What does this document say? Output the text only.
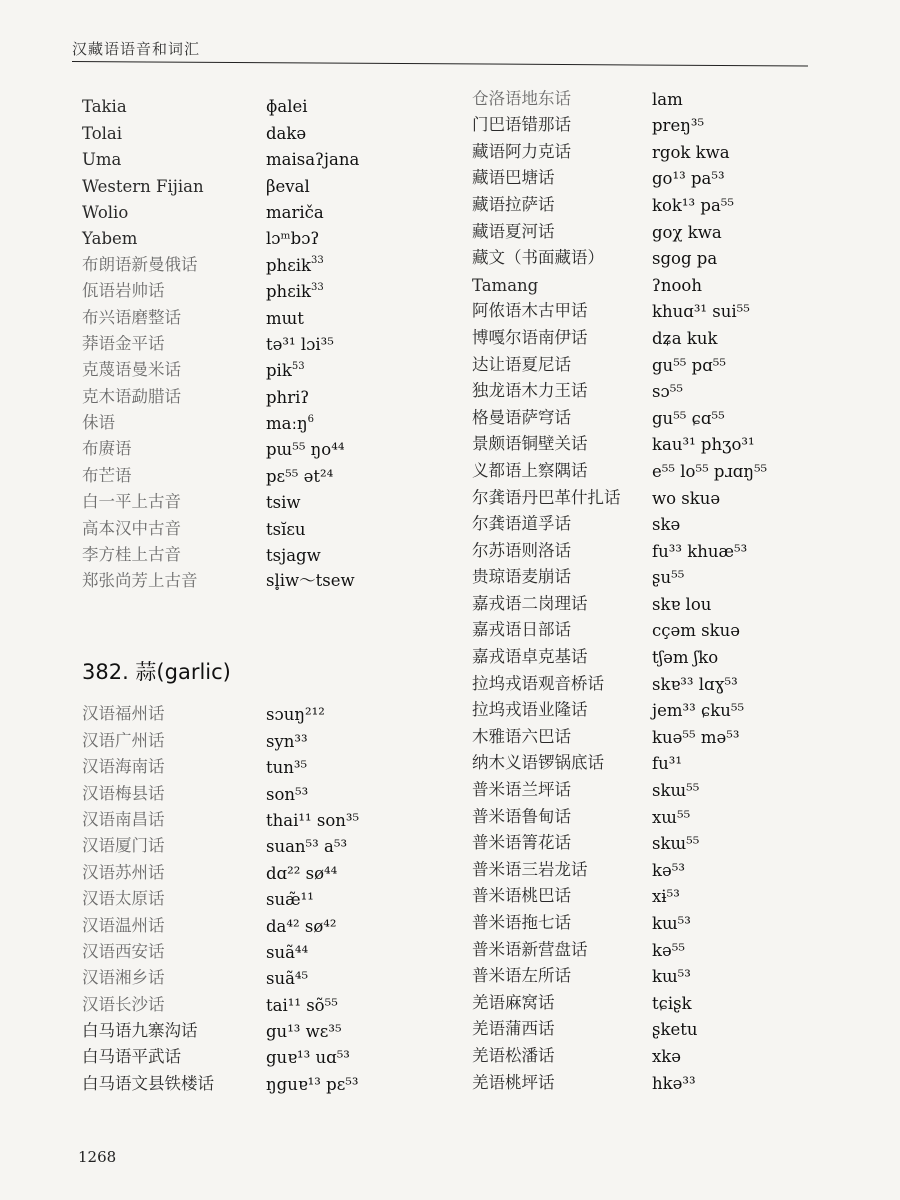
汉藏语语音和词汇
Takia	ɸalei
Tolai	dakə
Uma	maisaʔjana
Western Fijian	βeval
Wolio	mariča
Yabem	lɔᵐbɔʔ
布朗语新曼俄话	phɛik$^{33}$
佤语岩帅话	phɛik$^{33}$
布兴语磨整话	mɯt
莽语金平话	tə³¹ lɔi³⁵
克蔑语曼米话	pik$^{53}$
克木语勐腊话	phriʔ
佅语	maːŋ$^6$
布赓语	pɯ⁵⁵ ŋo⁴⁴
布芒语	pɛ⁵⁵ ət²⁴
白一平上古音	tsiw
高本汉中古音	tsĭɛu
李方桂上古音	tsjagw
郑张尚芳上古音	sl̥iw～tsew
382. 蒜(garlic)
汉语福州话	sɔuŋ²¹²
汉语广州话	syn³³
汉语海南话	tun³⁵
汉语梅县话	son⁵³
汉语南昌话	thai¹¹ son³⁵
汉语厦门话	suan⁵³ a⁵³
汉语苏州话	dɑ²² sø⁴⁴
汉语太原话	suæ̃¹¹
汉语温州话	da⁴² sø⁴²
汉语西安话	suã⁴⁴
汉语湘乡话	suã⁴⁵
汉语长沙话	tai¹¹ sõ⁵⁵
白马语九寨沟话	gu¹³ wɛ³⁵
白马语平武话	guɐ¹³ uɑ⁵³
白马语文县铁楼话	ŋguɐ¹³ pɛ⁵³
仓洛语地东话	lam
门巴语错那话	preŋ³⁵
藏语阿力克话	rgok kwa
藏语巴塘话	go¹³ pa⁵³
藏语拉萨话	kok¹³ pa⁵⁵
藏语夏河话	goχ kwa
藏文（书面藏语）	sgog pa
Tamang	ʔnooh
阿侬语木古甲话	khuɑ³¹ sui⁵⁵
博嘎尔语南伊话	dʑa kuk
达让语夏尼话	gu⁵⁵ pɑ⁵⁵
独龙语木力王话	sɔ⁵⁵
格曼语萨穹话	gu⁵⁵ ɕɑ⁵⁵
景颇语铜壁关话	kau³¹ phʒo³¹
义都语上察隅话	e⁵⁵ lo⁵⁵ pɹɑŋ⁵⁵
尔龚语丹巴革什扎话	wo skuə
尔龚语道孚话	skə
尔苏语则洛话	fu³³ khuæ⁵³
贵琼语麦崩话	ʂu⁵⁵
嘉戎语二岗理话	skɐ lou
嘉戎语日部话	cçəm skuə
嘉戎语卓克基话	tʃəm ʃko
拉坞戎语观音桥话	skɐ³³ lɑɣ⁵³
拉坞戎语业隆话	jem³³ ɕku⁵⁵
木雅语六巴话	kuə⁵⁵ mə⁵³
纳木义语锣锅底话	fu³¹
普米语兰坪话	skɯ⁵⁵
普米语鲁甸话	xɯ⁵⁵
普米语箐花话	skɯ⁵⁵
普米语三岩龙话	kə⁵³
普米语桃巴话	xɨ⁵³
普米语拖七话	kɯ⁵³
普米语新营盘话	kə⁵⁵
普米语左所话	kɯ⁵³
羌语麻窝话	tɕiʂk
羌语蒲西话	ʂketu
羌语松潘话	xkə
羌语桃坪话	hkə³³
1268
